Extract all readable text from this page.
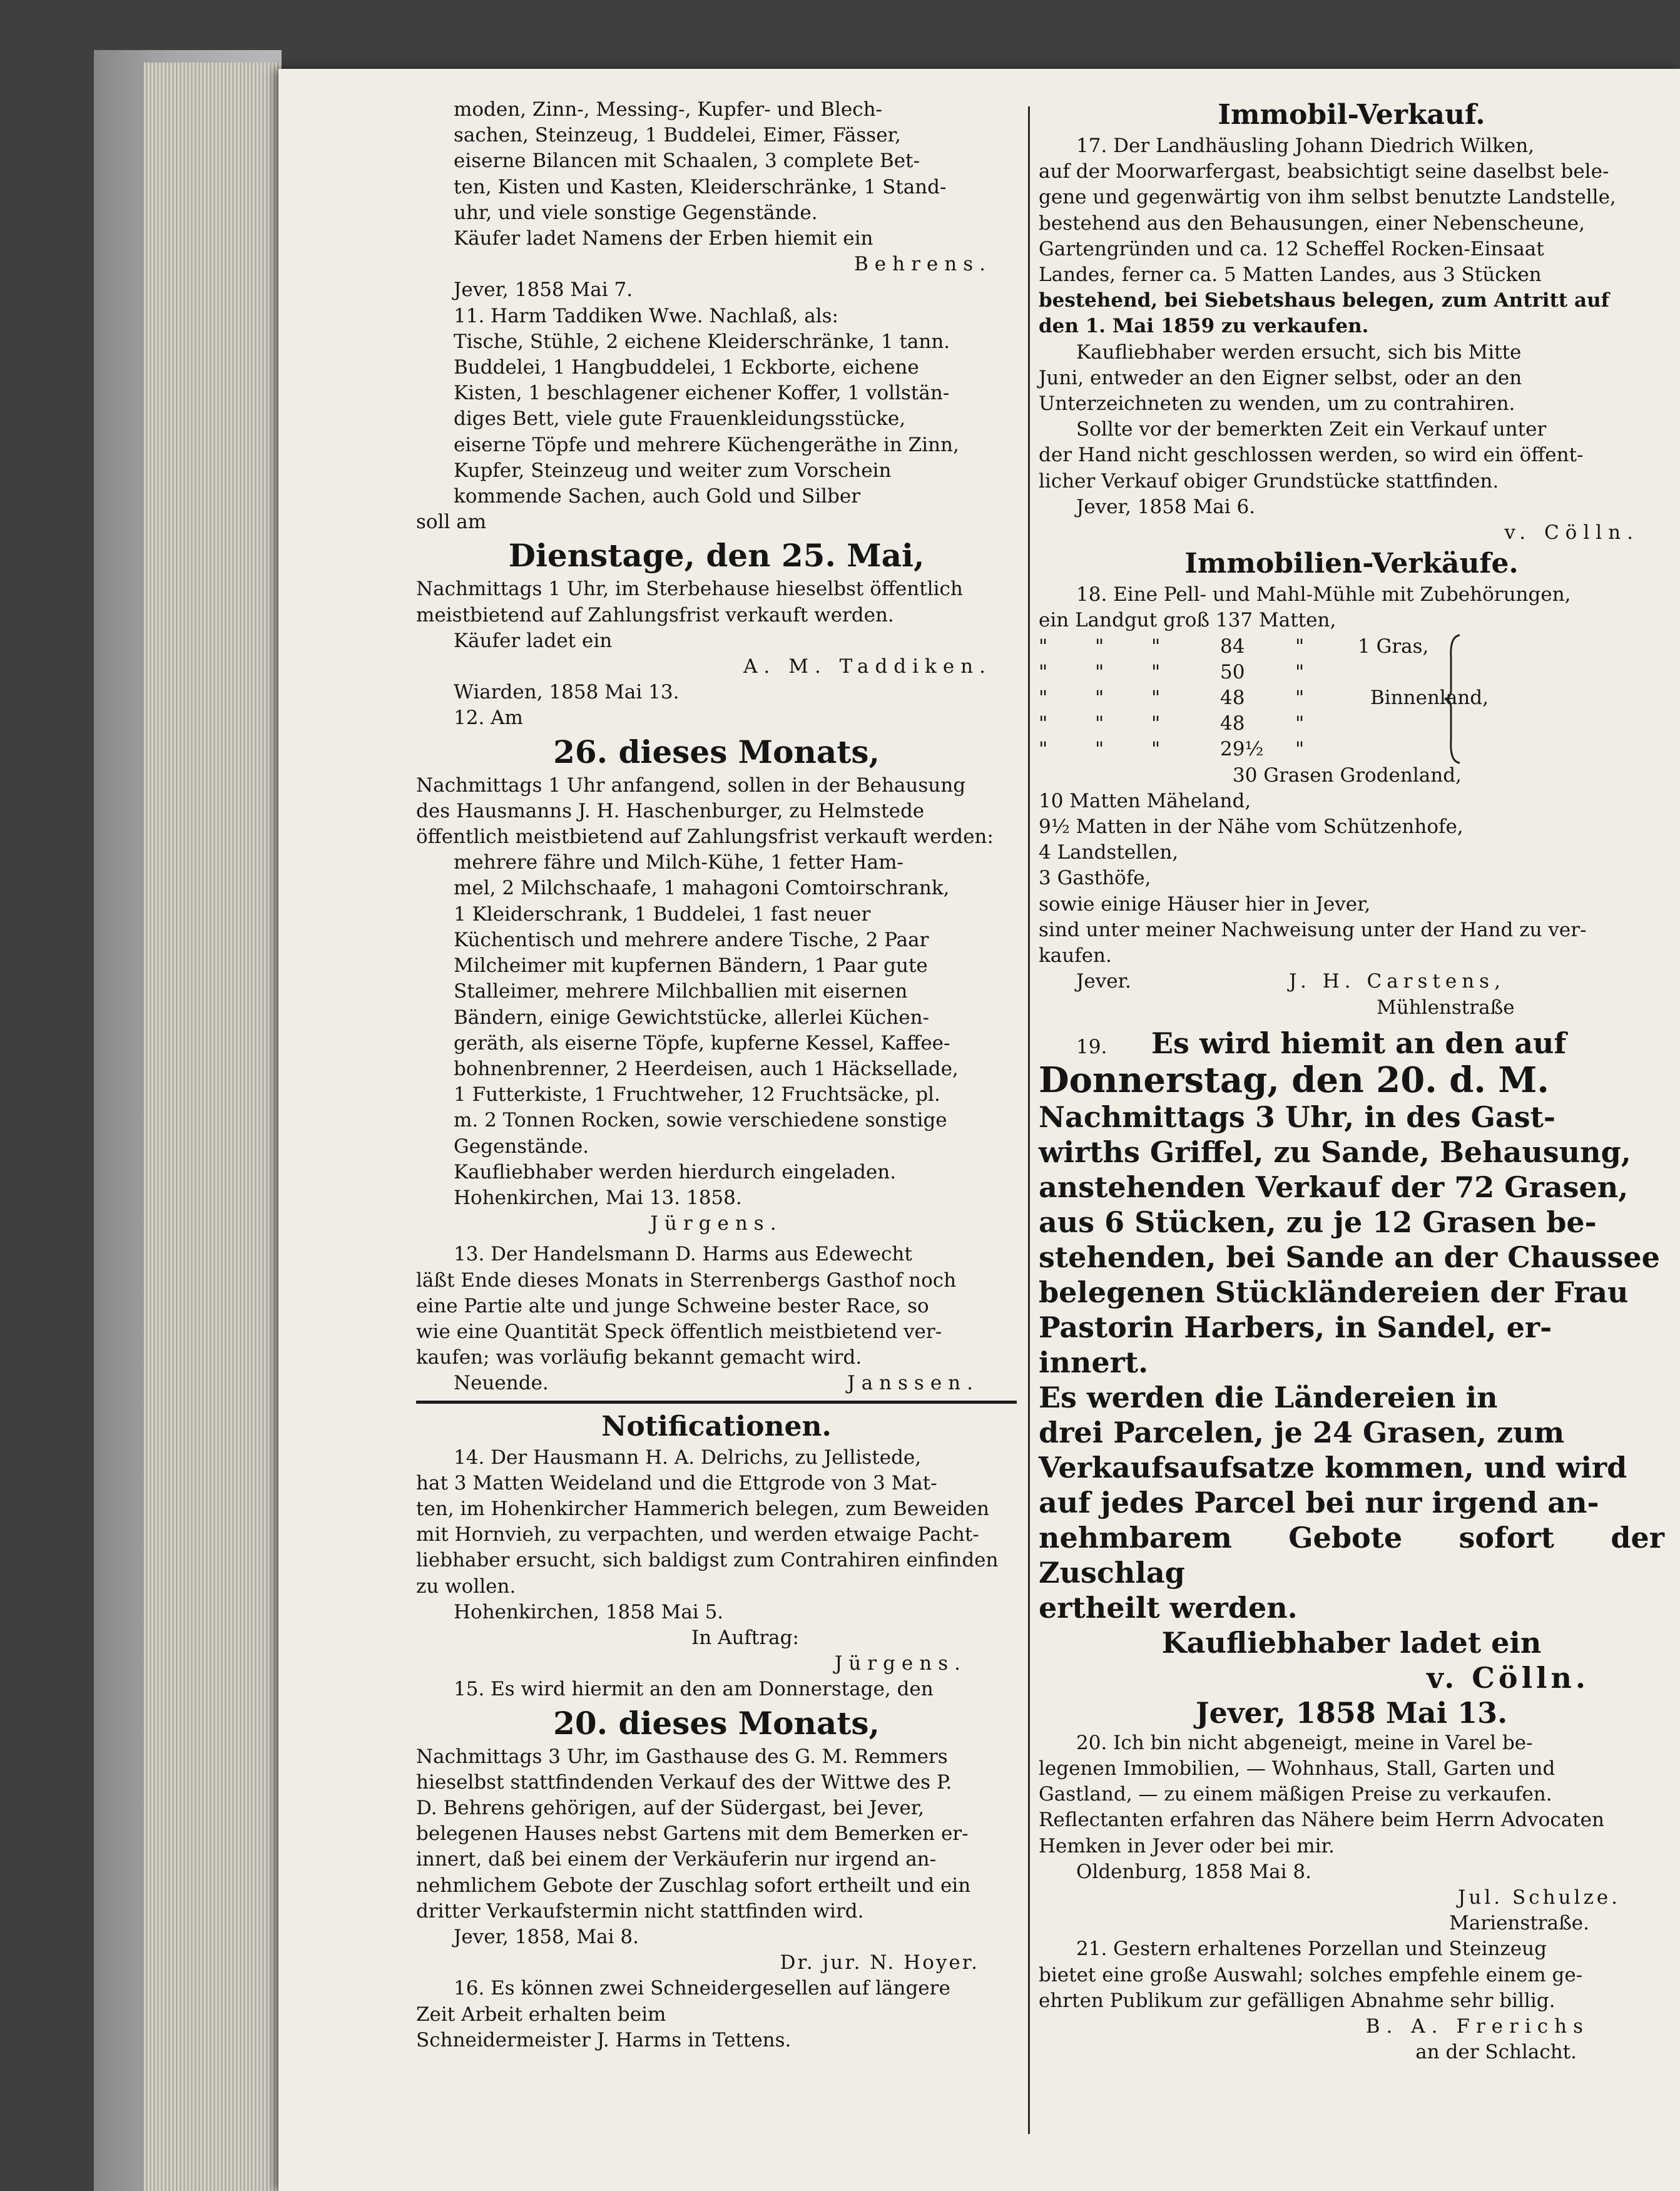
moden, Zinn-, Messing-, Kupfer- und Blech-

sachen, Steinzeug, 1 Buddelei, Eimer, Fässer,

eiserne Bilancen mit Schaalen, 3 complete Bet-

ten, Kisten und Kasten, Kleiderschränke, 1 Stand-

uhr, und viele sonstige Gegenstände.

Käufer ladet Namens der Erben hiemit ein

Behrens.

Jever, 1858 Mai 7.

11. Harm Taddiken Wwe. Nachlaß, als:

Tische, Stühle, 2 eichene Kleiderschränke, 1 tann.

Buddelei, 1 Hangbuddelei, 1 Eckborte, eichene

Kisten, 1 beschlagener eichener Koffer, 1 vollstän-

diges Bett, viele gute Frauenkleidungsstücke,

eiserne Töpfe und mehrere Küchengeräthe in Zinn,

Kupfer, Steinzeug und weiter zum Vorschein

kommende Sachen, auch Gold und Silber

soll am

Dienstage, den 25. Mai,

Nachmittags 1 Uhr, im Sterbehause hieselbst öffentlich

meistbietend auf Zahlungsfrist verkauft werden.

Käufer ladet ein

A. M. Taddiken.

Wiarden, 1858 Mai 13.

12. Am

26. dieses Monats,

Nachmittags 1 Uhr anfangend, sollen in der Behausung

des Hausmanns J. H. Haschenburger, zu Helmstede

öffentlich meistbietend auf Zahlungsfrist verkauft werden:

mehrere fähre und Milch-Kühe, 1 fetter Ham-

mel, 2 Milchschaafe, 1 mahagoni Comtoirschrank,

1 Kleiderschrank, 1 Buddelei, 1 fast neuer

Küchentisch und mehrere andere Tische, 2 Paar

Milcheimer mit kupfernen Bändern, 1 Paar gute

Stalleimer, mehrere Milchballien mit eisernen

Bändern, einige Gewichtstücke, allerlei Küchen-

geräth, als eiserne Töpfe, kupferne Kessel, Kaffee-

bohnenbrenner, 2 Heerdeisen, auch 1 Häcksellade,

1 Futterkiste, 1 Fruchtweher, 12 Fruchtsäcke, pl.

m. 2 Tonnen Rocken, sowie verschiedene sonstige

Gegenstände.

Kaufliebhaber werden hierdurch eingeladen.

Hohenkirchen, Mai 13. 1858.

Jürgens.

13. Der Handelsmann D. Harms aus Edewecht

läßt Ende dieses Monats in Sterrenbergs Gasthof noch

eine Partie alte und junge Schweine bester Race, so

wie eine Quantität Speck öffentlich meistbietend ver-

kaufen; was vorläufig bekannt gemacht wird.

Neuende.	Janssen.

Notificationen.

14. Der Hausmann H. A. Delrichs, zu Jellistede,

hat 3 Matten Weideland und die Ettgrode von 3 Mat-

ten, im Hohenkircher Hammerich belegen, zum Beweiden

mit Hornvieh, zu verpachten, und werden etwaige Pacht-

liebhaber ersucht, sich baldigst zum Contrahiren einfinden

zu wollen.

Hohenkirchen, 1858 Mai 5.

In Auftrag:

Jürgens.

15. Es wird hiermit an den am Donnerstage, den

20. dieses Monats,

Nachmittags 3 Uhr, im Gasthause des G. M. Remmers

hieselbst stattfindenden Verkauf des der Wittwe des P.

D. Behrens gehörigen, auf der Südergast, bei Jever,

belegenen Hauses nebst Gartens mit dem Bemerken er-

innert, daß bei einem der Verkäuferin nur irgend an-

nehmlichem Gebote der Zuschlag sofort ertheilt und ein

dritter Verkaufstermin nicht stattfinden wird.

Jever, 1858, Mai 8.

Dr. jur. N. Hoyer.

16. Es können zwei Schneidergesellen auf längere

Zeit Arbeit erhalten beim

Schneidermeister J. Harms in Tettens.

Immobil-Verkauf.

17. Der Landhäusling Johann Diedrich Wilken,

auf der Moorwarfergast, beabsichtigt seine daselbst bele-

gene und gegenwärtig von ihm selbst benutzte Landstelle,

bestehend aus den Behausungen, einer Nebenscheune,

Gartengründen und ca. 12 Scheffel Rocken-Einsaat

Landes, ferner ca. 5 Matten Landes, aus 3 Stücken

bestehend, bei Siebetshaus belegen, zum Antritt auf

den 1. Mai 1859 zu verkaufen.

Kaufliebhaber werden ersucht, sich bis Mitte

Juni, entweder an den Eigner selbst, oder an den

Unterzeichneten zu wenden, um zu contrahiren.

Sollte vor der bemerkten Zeit ein Verkauf unter

der Hand nicht geschlossen werden, so wird ein öffent-

licher Verkauf obiger Grundstücke stattfinden.

Jever, 1858 Mai 6.

v. Cölln.

Immobilien-Verkäufe.

18. Eine Pell- und Mahl-Mühle mit Zubehörungen,

ein Landgut groß 137 Matten,

"	"	"	84	"	1 Gras,
"	"	"	50	"
"	"	"	48	"	Binnenland,
"	"	"	48	"
"	"	"	29½	"

30 Grasen Grodenland,

10 Matten Mäheland,

9½ Matten in der Nähe vom Schützenhofe,

4 Landstellen,

3 Gasthöfe,

sowie einige Häuser hier in Jever,

sind unter meiner Nachweisung unter der Hand zu ver-

kaufen.

Jever.	J. H. Carstens,

Mühlenstraße

19.	Es wird hiemit an den auf

Donnerstag, den 20. d. M.

Nachmittags 3 Uhr, in des Gast-

wirths Griffel, zu Sande, Behausung,

anstehenden Verkauf der 72 Grasen,

aus 6 Stücken, zu je 12 Grasen be-

stehenden, bei Sande an der Chaussee

belegenen Stückländereien der Frau

Pastorin Harbers, in Sandel, er-

innert.

Es werden die Ländereien in

drei Parcelen, je 24 Grasen, zum

Verkaufsaufsatze kommen, und wird

auf jedes Parcel bei nur irgend an-

nehmbarem Gebote sofort der Zuschlag

ertheilt werden.

Kaufliebhaber ladet ein

v. Cölln.

Jever, 1858 Mai 13.

20. Ich bin nicht abgeneigt, meine in Varel be-

legenen Immobilien, — Wohnhaus, Stall, Garten und

Gastland, — zu einem mäßigen Preise zu verkaufen.

Reflectanten erfahren das Nähere beim Herrn Advocaten

Hemken in Jever oder bei mir.

Oldenburg, 1858 Mai 8.

Jul. Schulze.

Marienstraße.

21. Gestern erhaltenes Porzellan und Steinzeug

bietet eine große Auswahl; solches empfehle einem ge-

ehrten Publikum zur gefälligen Abnahme sehr billig.

B. A. Frerichs

an der Schlacht.
